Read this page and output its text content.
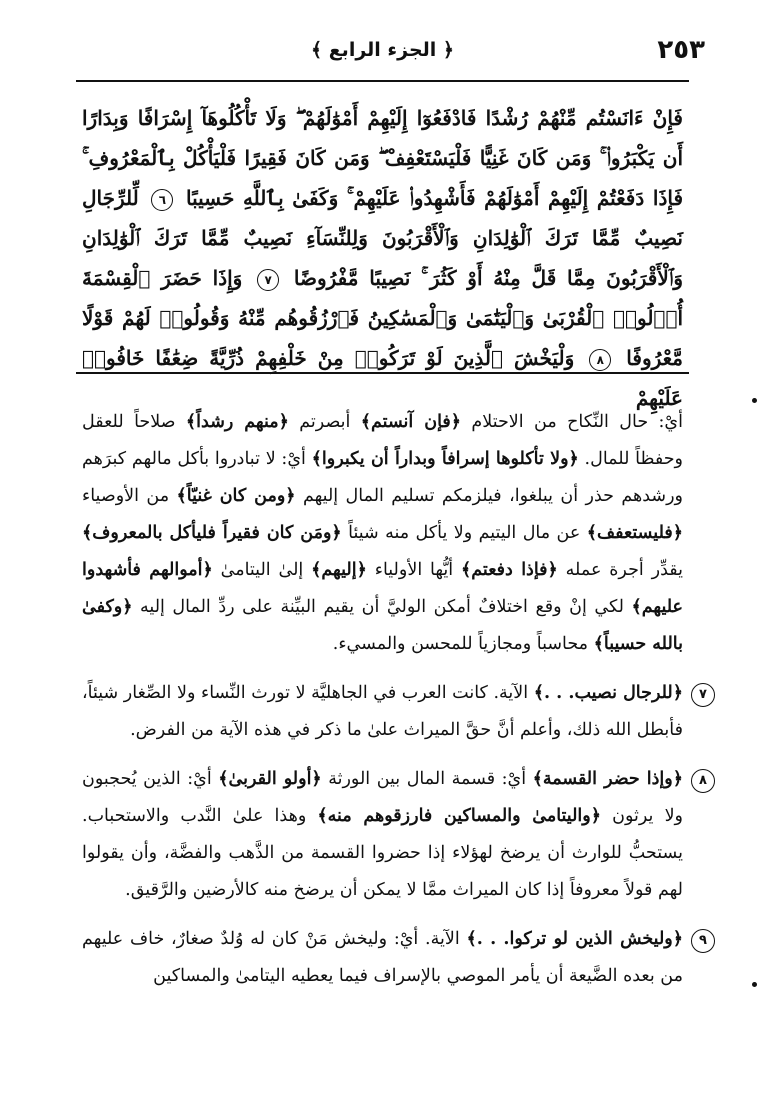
٢٥٣
﴿ الجزء الرابع ﴾
فَإِنْ ءَانَسْتُم مِّنْهُمْ رُشْدًا فَادْفَعُوٓا إِلَيْهِمْ أَمْوَٰلَهُمْ ۖ وَلَا تَأْكُلُوهَآ إِسْرَافًا وَبِدَارًا أَن يَكْبَرُوا۟ ۚ وَمَن كَانَ غَنِيًّا فَلْيَسْتَعْفِفْ ۖ وَمَن كَانَ فَقِيرًا فَلْيَأْكُلْ بِٱلْمَعْرُوفِ ۚ فَإِذَا دَفَعْتُمْ إِلَيْهِمْ أَمْوَٰلَهُمْ فَأَشْهِدُوا۟ عَلَيْهِمْ ۚ وَكَفَىٰ بِٱللَّهِ حَسِيبًا ٦ لِّلرِّجَالِ نَصِيبٌ مِّمَّا تَرَكَ ٱلْوَٰلِدَانِ وَٱلْأَقْرَبُونَ وَلِلنِّسَآءِ نَصِيبٌ مِّمَّا تَرَكَ ٱلْوَٰلِدَانِ وَٱلْأَقْرَبُونَ مِمَّا قَلَّ مِنْهُ أَوْ كَثُرَ ۚ نَصِيبًا مَّفْرُوضًا ٧ وَإِذَا حَضَرَ ٱلْقِسْمَةَ أُو۟لُوا۟ ٱلْقُرْبَىٰ وَٱلْيَتَٰمَىٰ وَٱلْمَسَٰكِينُ فَٱرْزُقُوهُم مِّنْهُ وَقُولُوا۟ لَهُمْ قَوْلًا مَّعْرُوفًا ٨ وَلْيَخْشَ ٱلَّذِينَ لَوْ تَرَكُوا۟ مِنْ خَلْفِهِمْ ذُرِّيَّةً ضِعَٰفًا خَافُوا۟ عَلَيْهِمْ

أيْ: حال النِّكاح من الاحتلام ﴿فإن آنستم﴾ أبصرتم ﴿منهم رشداً﴾ صلاحاً للعقل وحفظاً للمال. ﴿ولا تأكلوها إسرافاً وبداراً أن يكبروا﴾ أيْ: لا تبادروا بأكل مالهم كبرَهم ورشدهم حذر أن يبلغوا، فيلزمكم تسليم المال إليهم ﴿ومن كان غنيّاً﴾ من الأوصياء ﴿فليستعفف﴾ عن مال اليتيم ولا يأكل منه شيئاً ﴿ومَن كان فقيراً فليأكل بالمعروف﴾ يقدِّر أجرة عمله ﴿فإذا دفعتم﴾ أيُّها الأولياء ﴿إليهم﴾ إلىٰ اليتامىٰ ﴿أموالهم فأشهدوا عليهم﴾ لكي إنْ وقع اختلافٌ أمكن الوليَّ أن يقيم البيِّنة على ردِّ المال إليه ﴿وكفىٰ بالله حسيباً﴾ محاسباً ومجازياً للمحسن والمسيء.

٧

﴿للرجال نصيب. . .﴾ الآية. كانت العرب في الجاهليَّة لا تورث النِّساء ولا الصِّغار شيئاً، فأبطل الله ذلك، وأعلم أنَّ حقَّ الميراث علىٰ ما ذكر في هذه الآية من الفرض.

٨

﴿وإذا حضر القسمة﴾ أيْ: قسمة المال بين الورثة ﴿أولو القربىٰ﴾ أيْ: الذين يُحجبون ولا يرثون ﴿واليتامىٰ والمساكين فارزقوهم منه﴾ وهذا علىٰ النَّدب والاستحباب. يستحبُّ للوارث أن يرضخ لهؤلاء إذا حضروا القسمة من الذَّهب والفضَّة، وأن يقولوا لهم قولاً معروفاً إذا كان الميراث ممَّا لا يمكن أن يرضخ منه كالأرضين والرَّقيق.

٩

﴿وليخش الذين لو تركوا. . .﴾ الآية. أيْ: وليخش مَنْ كان له وُلدٌ صغارٌ، خاف عليهم من بعده الضَّيعة أن يأمر الموصي بالإسراف فيما يعطيه اليتامىٰ والمساكين
